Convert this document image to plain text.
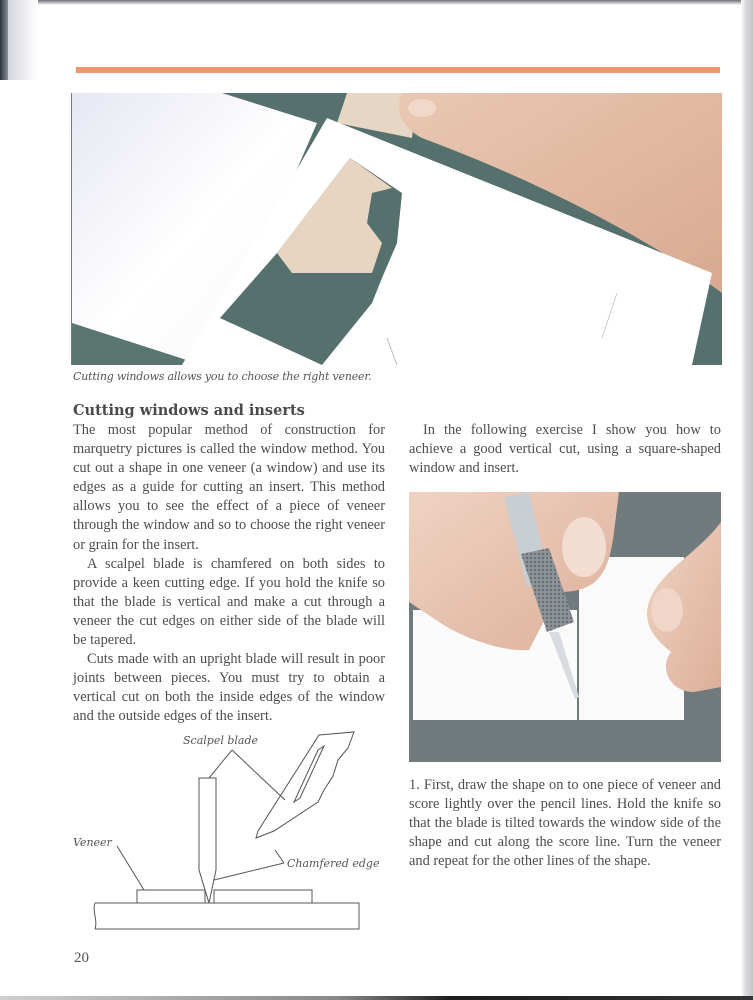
Cutting windows allows you to choose the right veneer.
Cutting windows and inserts

The most popular method of construction for marquetry pictures is called the window method. You cut out a shape in one veneer (a window) and use its edges as a guide for cutting an insert. This method allows you to see the effect of a piece of veneer through the window and so to choose the right veneer or grain for the insert.

A scalpel blade is chamfered on both sides to provide a keen cutting edge. If you hold the knife so that the blade is vertical and make a cut through a veneer the cut edges on either side of the blade will be tapered.

Cuts made with an upright blade will result in poor joints between pieces. You must try to obtain a vertical cut on both the inside edges of the window and the outside edges of the insert.

In the following exercise I show you how to achieve a good vertical cut, using a square-shaped window and insert.

1. First, draw the shape on to one piece of veneer and score lightly over the pencil lines. Hold the knife so that the blade is tilted towards the window side of the shape and cut along the score line. Turn the veneer and repeat for the other lines of the shape.

Scalpel blade
Veneer
Chamfered edge
20
